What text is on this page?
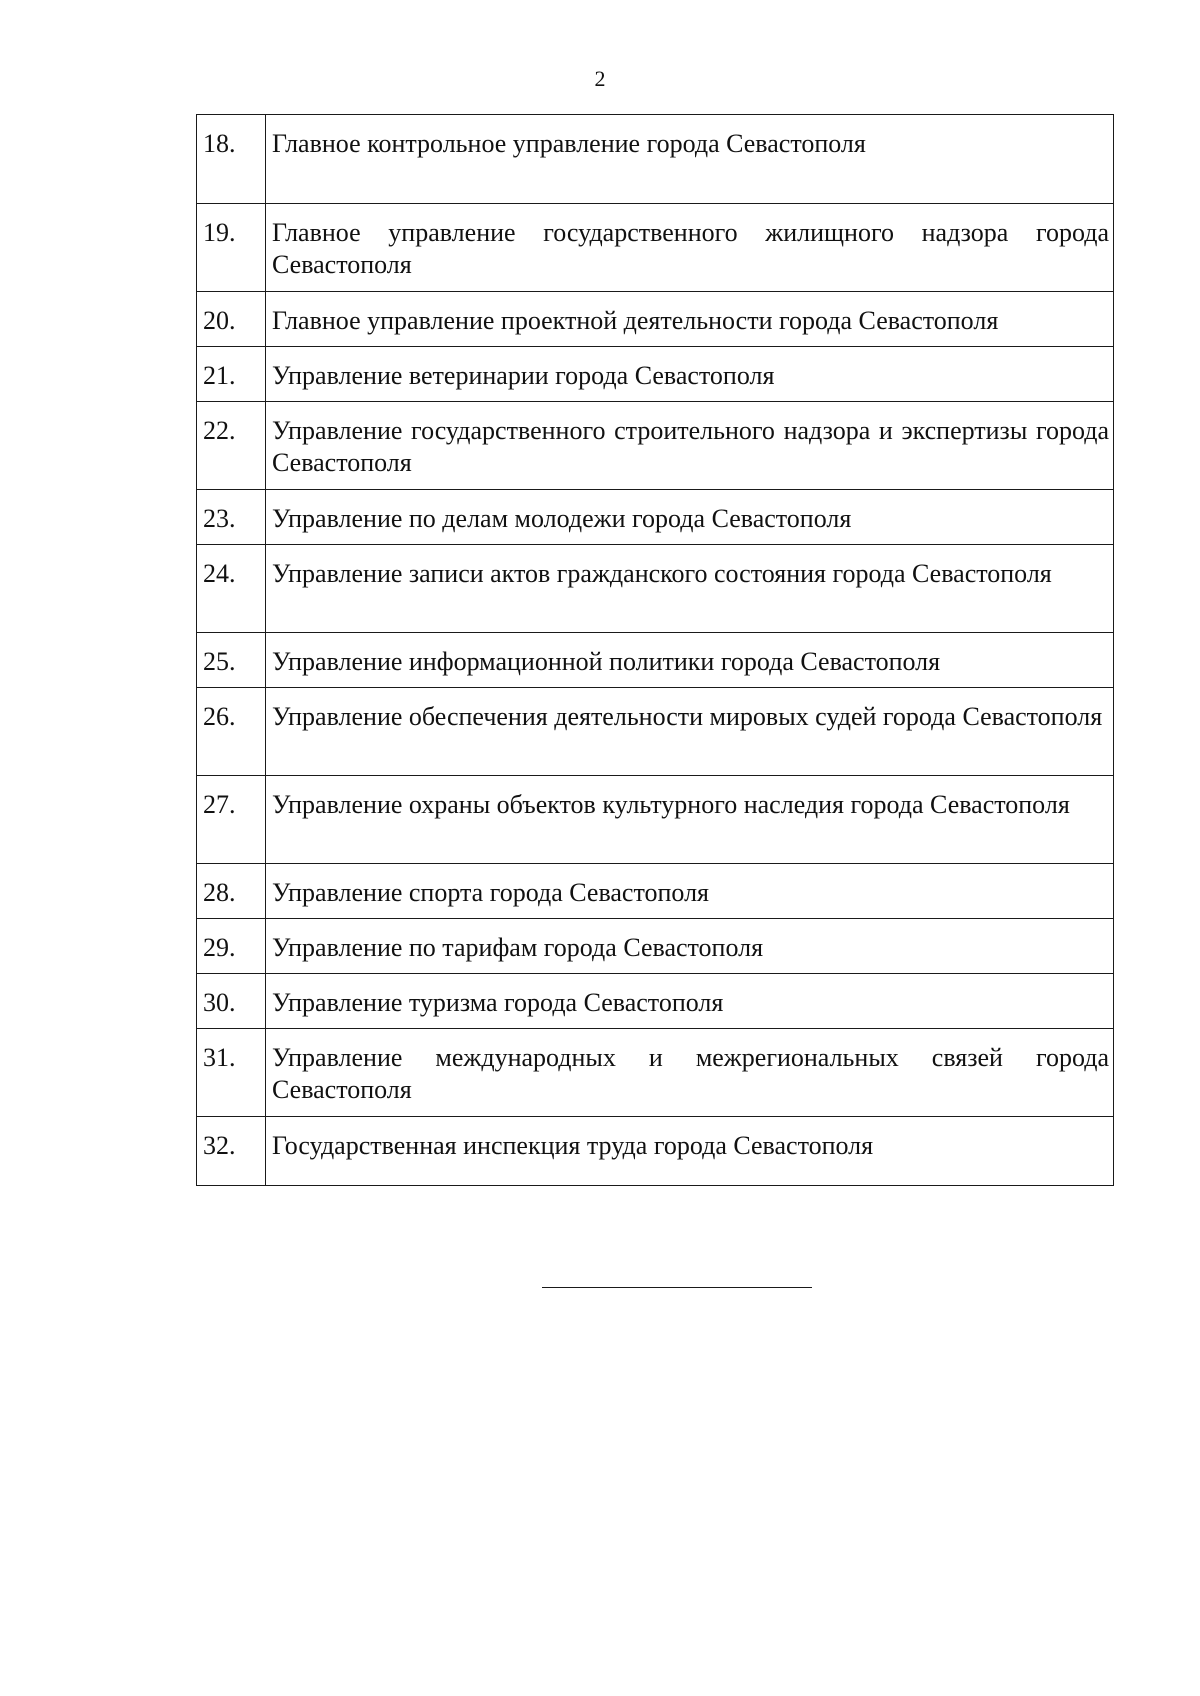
2
18.	Главное контрольное управление города Севастополя
19.	Главное управление государственного жилищного надзора города Севастополя
20.	Главное управление проектной деятельности города Севастополя
21.	Управление ветеринарии города Севастополя
22.	Управление государственного строительного надзора и экспертизы города Севастополя
23.	Управление по делам молодежи города Севастополя
24.	Управление записи актов гражданского состояния города Севастополя
25.	Управление информационной политики города Севастополя
26.	Управление обеспечения деятельности мировых судей города Севастополя
27.	Управление охраны объектов культурного наследия города Севастополя
28.	Управление спорта города Севастополя
29.	Управление по тарифам города Севастополя
30.	Управление туризма города Севастополя
31.	Управление международных и межрегиональных связей города Севастополя
32.	Государственная инспекция труда города Севастополя
